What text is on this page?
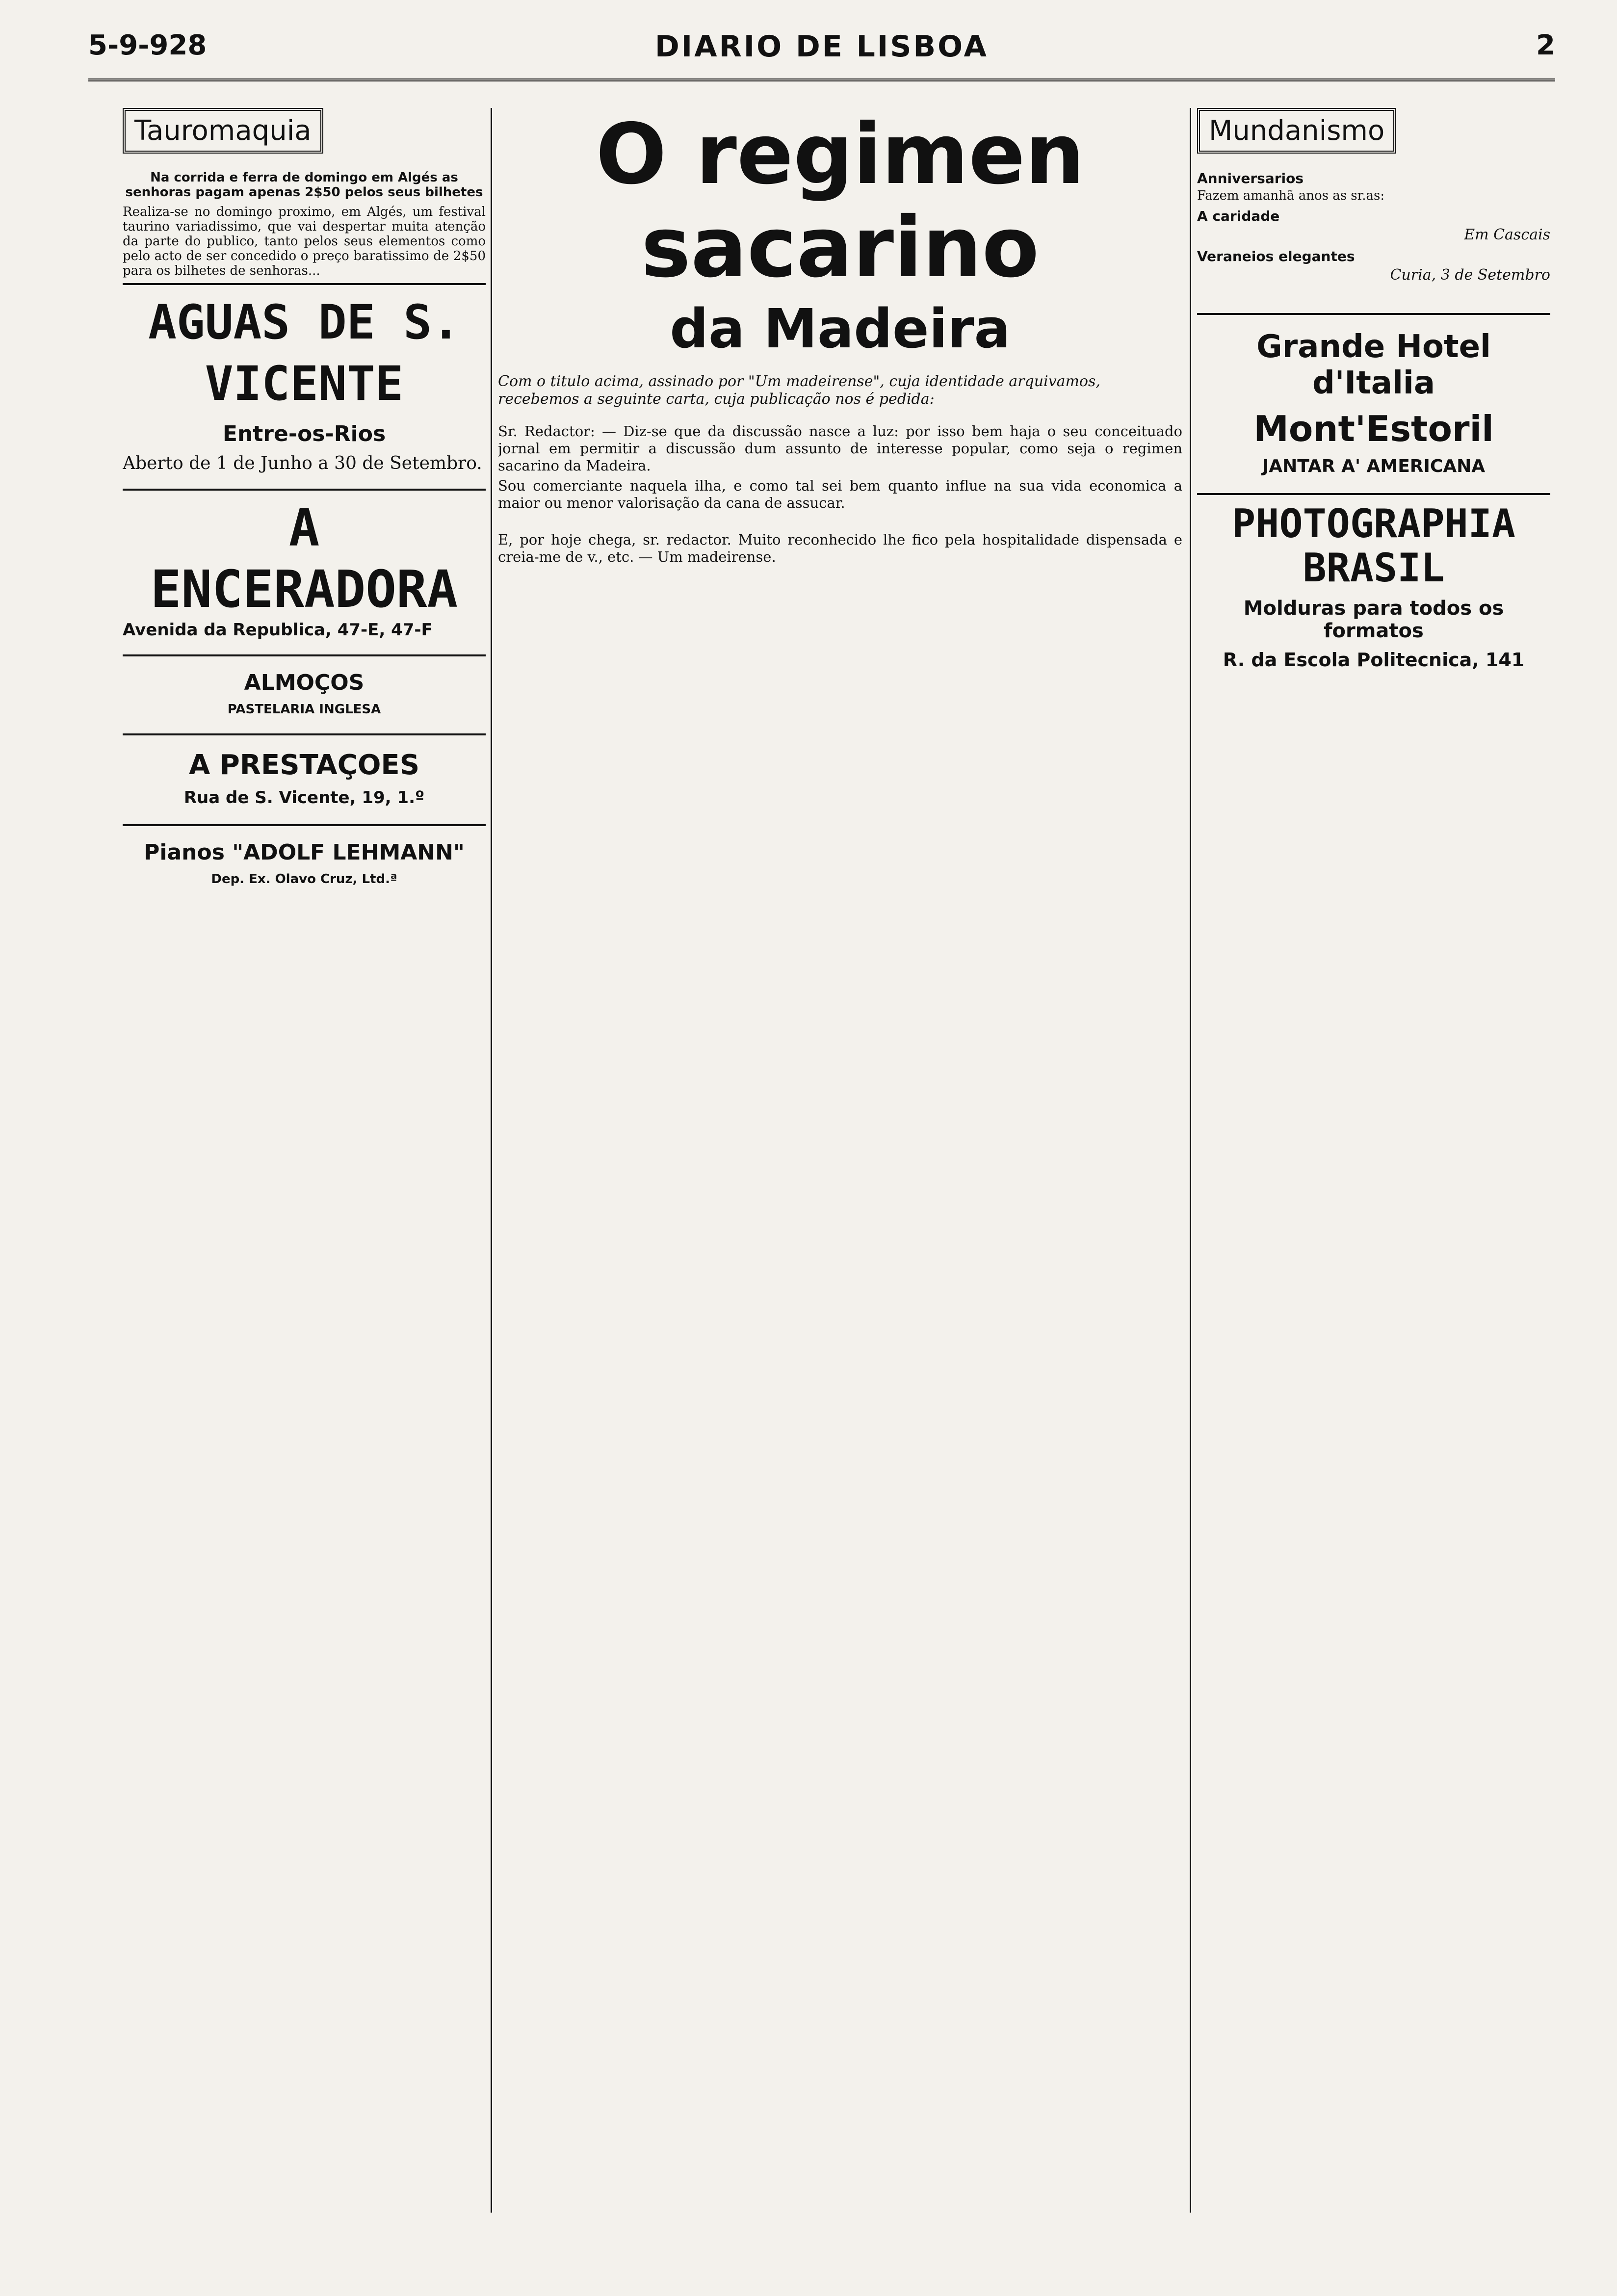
5-9-928	DIARIO DE LISBOA	2
Tauromaquia
Na corrida e ferra de domingo em Algés as senhoras pagam apenas 2$50 pelos seus bilhetes

Realiza-se no domingo proximo, em Algés, um festival taurino variadissimo, que vai despertar muita atenção da parte do publico, tanto pelos seus elementos como pelo acto de ser concedido o preço baratissimo de 2$50 para os bilhetes de senhoras...

AGUAS DE S. VICENTE
Entre-os-Rios

Aberto de 1 de Junho a 30 de Setembro.

A ENCERADORA

Avenida da Republica, 47-E, 47-F

ALMOÇOS
PASTELARIA INGLESA
A PRESTAÇOES
Rua de S. Vicente, 19, 1.º
Pianos "ADOLF LEHMANN"
Dep. Ex. Olavo Cruz, Ltd.ª
O regimen sacarino
da Madeira

Com o titulo acima, assinado por "Um madeirense", cuja identidade arquivamos, recebemos a seguinte carta, cuja publicação nos é pedida:

Sr. Redactor: — Diz-se que da discussão nasce a luz: por isso bem haja o seu conceituado jornal em permitir a discussão dum assunto de interesse popular, como seja o regimen sacarino da Madeira.

Sou comerciante naquela ilha, e como tal sei bem quanto influe na sua vida economica a maior ou menor valorisação da cana de assucar.

E, por hoje chega, sr. redactor. Muito reconhecido lhe fico pela hospitalidade dispensada e creia-me de v., etc. — Um madeirense.

Mundanismo
Anniversarios

Fazem amanhã anos as sr.as:

A caridade
Em Cascais
Veraneios elegantes
Curia, 3 de Setembro
Grande Hotel d'Italia
Mont'Estoril
JANTAR A' AMERICANA
PHOTOGRAPHIA BRASIL
Molduras para todos os formatos
R. da Escola Politecnica, 141
